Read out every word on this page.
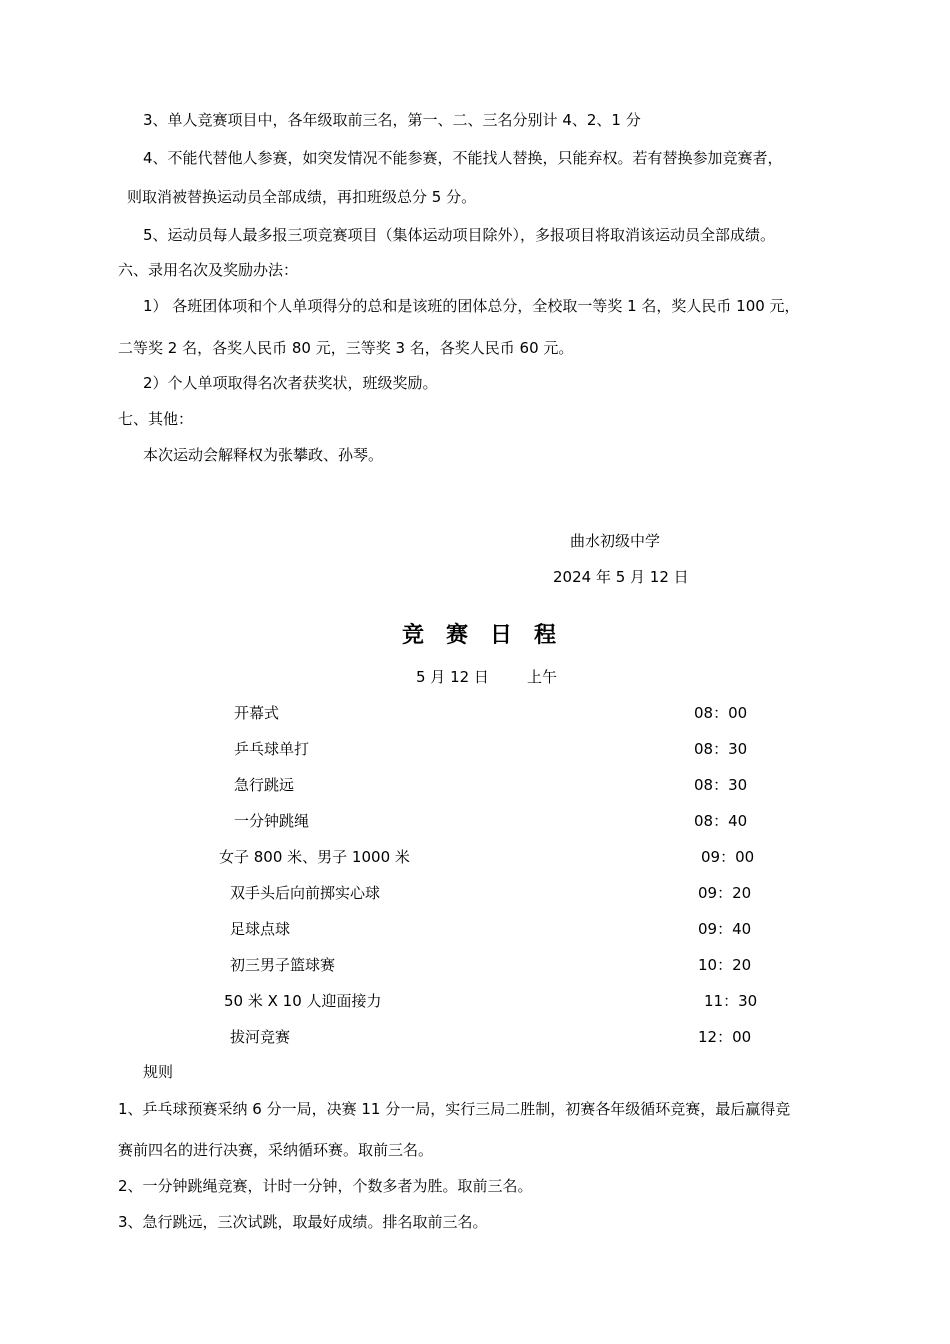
3、单人竞赛项目中，各年级取前三名，第一、二、三名分别计 4、2、1 分
4、不能代替他人参赛，如突发情况不能参赛，不能找人替换，只能弃权。若有替换参加竞赛者，
则取消被替换运动员全部成绩，再扣班级总分 5 分。
5、运动员每人最多报三项竞赛项目（集体运动项目除外），多报项目将取消该运动员全部成绩。
六、录用名次及奖励办法：
1） 各班团体项和个人单项得分的总和是该班的团体总分，全校取一等奖 1 名，奖人民币 100 元，
二等奖 2 名，各奖人民币 80 元，三等奖 3 名，各奖人民币 60 元。
2）个人单项取得名次者获奖状，班级奖励。
七、其他：
本次运动会解释权为张攀政、孙琴。
曲水初级中学
2024 年 5 月 12 日
竞赛日程
5 月 12 日	上午
开幕式	08：00
乒乓球单打	08：30
急行跳远	08：30
一分钟跳绳	08：40
女子 800 米、男子 1000 米	09：00
双手头后向前掷实心球	09：20
足球点球	09：40
初三男子篮球赛	10：20
50 米 X 10 人迎面接力	11：30
拔河竞赛	12：00
规则
1、乒乓球预赛采纳 6 分一局，决赛 11 分一局，实行三局二胜制，初赛各年级循环竞赛，最后赢得竞
赛前四名的进行决赛，采纳循环赛。取前三名。
2、一分钟跳绳竞赛，计时一分钟，个数多者为胜。取前三名。
3、急行跳远，三次试跳，取最好成绩。排名取前三名。
